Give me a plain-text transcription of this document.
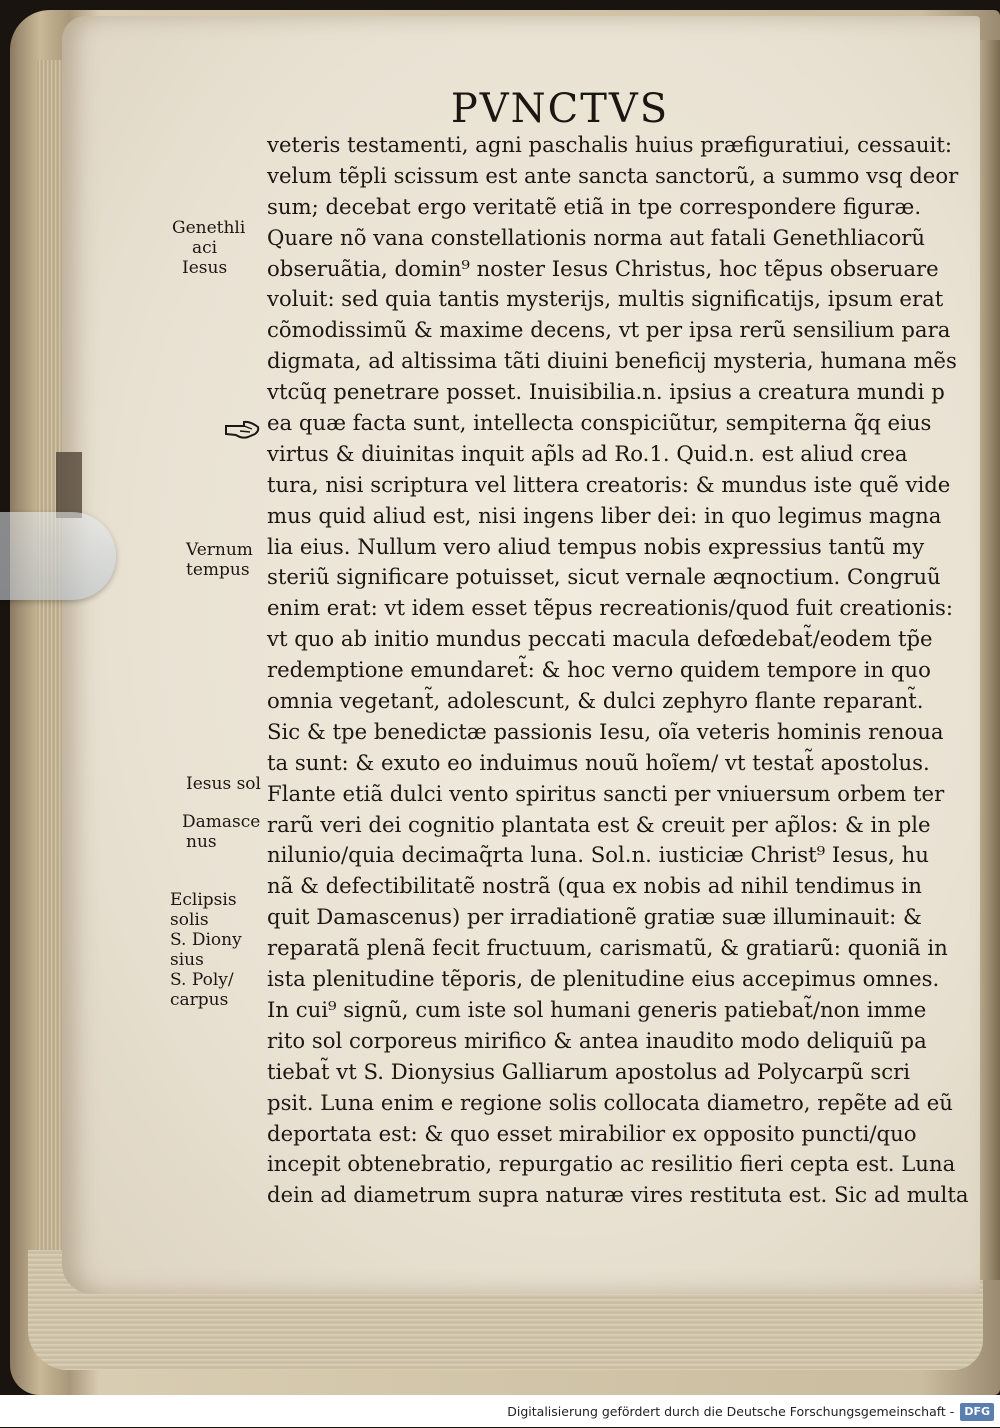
PVNCTVS
veteris testamenti, agni paschalis huius præfiguratiui, cessauit:
velum tẽpli scissum est ante sancta sanctorũ, a summo vsq deor
sum; decebat ergo veritatẽ etiã in tpe correspondere figuræ.
Quare nõ vana constellationis norma aut fatali Genethliacorũ
obseruãtia, domin⁹ noster Iesus Christus, hoc tẽpus obseruare
voluit: sed quia tantis mysterijs, multis significatijs, ipsum erat
cõmodissimũ & maxime decens, vt per ipsa rerũ sensilium para
digmata, ad altissima tãti diuini beneficij mysteria, humana mẽs
vtcũq penetrare posset. Inuisibilia.n. ipsius a creatura mundi p
ea quæ facta sunt, intellecta conspiciũtur, sempiterna q̃q eius
virtus & diuinitas inquit ap̃ls ad Ro.1. Quid.n. est aliud crea
tura, nisi scriptura vel littera creatoris: & mundus iste quẽ vide
mus quid aliud est, nisi ingens liber dei: in quo legimus magna
lia eius. Nullum vero aliud tempus nobis expressius tantũ my
steriũ significare potuisset, sicut vernale æqnoctium. Congruũ
enim erat: vt idem esset tẽpus recreationis/quod fuit creationis:
vt quo ab initio mundus peccati macula defœdebat̃/eodem tp̃e
redemptione emundaret̃: & hoc verno quidem tempore in quo
omnia vegetant̃, adolescunt, & dulci zephyro flante reparant̃.
Sic & tpe benedictæ passionis Iesu, oĩa veteris hominis renoua
ta sunt: & exuto eo induimus nouũ hoĩem/ vt testat̃ apostolus.
Flante etiã dulci vento spiritus sancti per vniuersum orbem ter
rarũ veri dei cognitio plantata est & creuit per ap̃los: & in ple
nilunio/quia decimaq̃rta luna. Sol.n. iusticiæ Christ⁹ Iesus, hu
nã & defectibilitatẽ nostrã (qua ex nobis ad nihil tendimus in
quit Damascenus) per irradiationẽ gratiæ suæ illuminauit: &
reparatã plenã fecit fructuum, carismatũ, & gratiarũ: quoniã in
ista plenitudine tẽporis, de plenitudine eius accepimus omnes.
In cui⁹ signũ, cum iste sol humani generis patiebat̃/non imme
rito sol corporeus mirifico & antea inaudito modo deliquiũ pa
tiebat̃ vt S. Dionysius Galliarum apostolus ad Polycarpũ scri
psit. Luna enim e regione solis collocata diametro, repẽte ad eũ
deportata est: & quo esset mirabilior ex opposito puncti/quo
incepit obtenebratio, repurgatio ac resilitio fieri cepta est. Luna
dein ad diametrum supra naturæ vires restituta est. Sic ad multa
Genethli
aci
Iesus
Vernum
tempus
Iesus sol
Damasce
nus
Eclipsis
solis
S. Diony
sius
S. Poly/
carpus
Digitalisierung gefördert durch die Deutsche Forschungsgemeinschaft - DFG
